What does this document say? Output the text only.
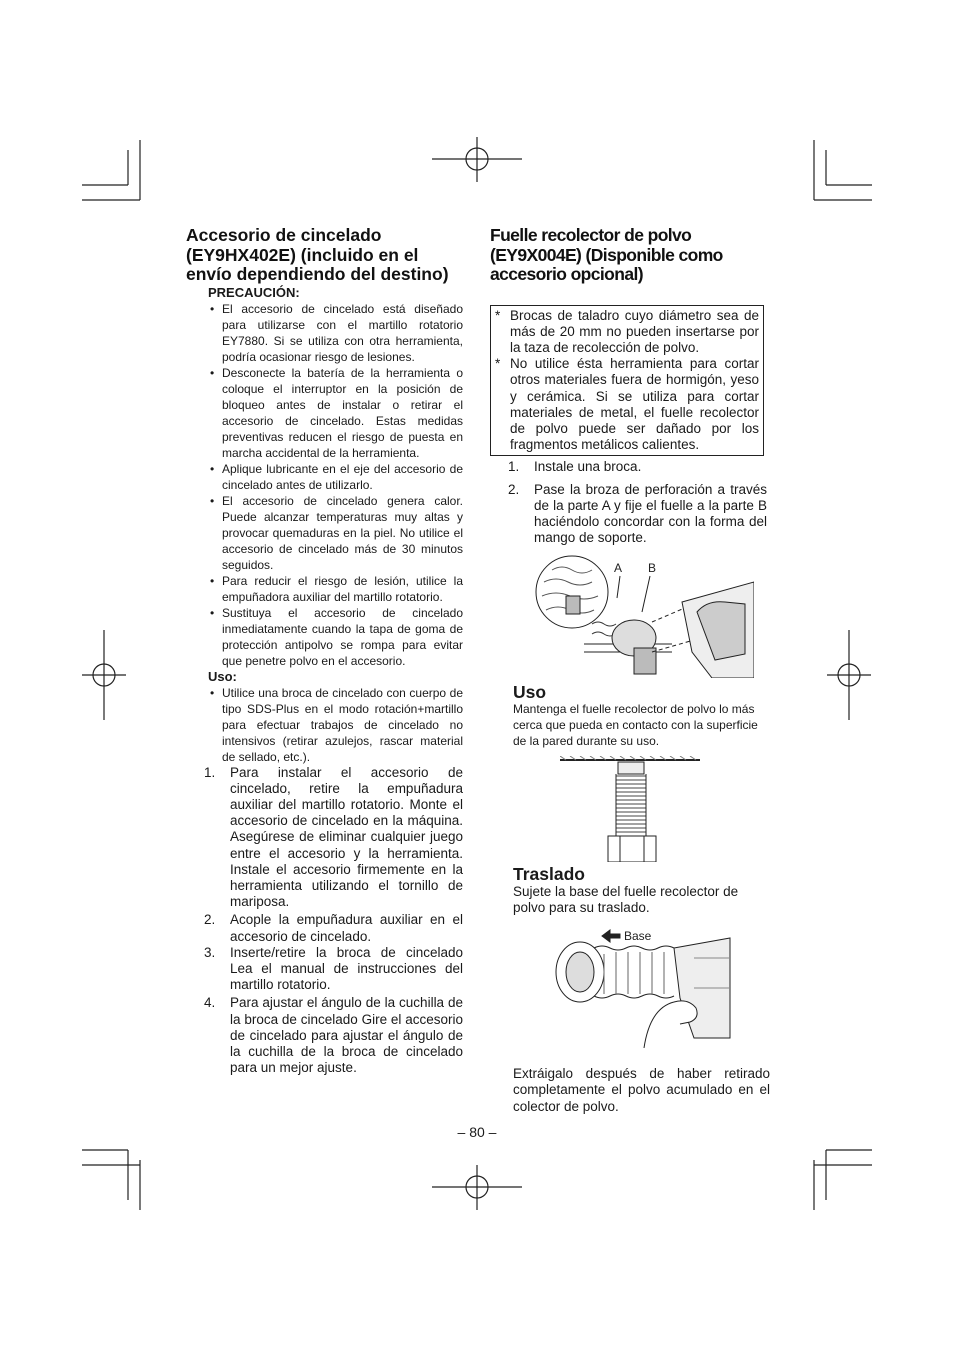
Accesorio de cincelado
(EY9HX402E) (incluido en el
envío dependiendo del destino)

PRECAUCIÓN:

• El accesorio de cincelado está diseñado para utilizarse con el martillo rotatorio EY7880. Si se utiliza con otra herramienta, podría ocasionar riesgo de lesiones.
• Desconecte la batería de la herramienta o coloque el interruptor en la posición de bloqueo antes de instalar o retirar el accesorio de cincelado. Estas medidas preventivas reducen el riesgo de puesta en marcha accidental de la herramienta.
• Aplique lubricante en el eje del accesorio de cincelado antes de utilizarlo.
• El accesorio de cincelado genera calor. Puede alcanzar temperaturas muy altas y provocar quemaduras en la piel. No utilice el accesorio de cincelado más de 30 minutos seguidos.
• Para reducir el riesgo de lesión, utilice la empuñadora auxiliar del martillo rotatorio.
• Sustituya el accesorio de cincelado inmediatamente cuando la tapa de goma de protección antipolvo se rompa para evitar que penetre polvo en el accesorio.

Uso:

• Utilice una broca de cincelado con cuerpo de tipo SDS-Plus en el modo rotación+martillo para efectuar trabajos de cincelado no intensivos (retirar azulejos, rascar material de sellado, etc.).
1. Para instalar el accesorio de cincelado, retire la empuñadura auxiliar del martillo rotatorio. Monte el accesorio de cincelado en la máquina. Asegúrese de eliminar cualquier juego entre el accesorio y la herramienta. Instale el accesorio firmemente en la herramienta utilizando el tornillo de mariposa.
2. Acople la empuñadura auxiliar en el accesorio de cincelado.
3. Inserte/retire la broca de cincelado Lea el manual de instrucciones del martillo rotatorio.
4. Para ajustar el ángulo de la cuchilla de la broca de cincelado Gire el accesorio de cincelado para ajustar el ángulo de la cuchilla de la broca de cincelado para un mejor ajuste.
Fuelle recolector de polvo
(EY9X004E) (Disponible como
accesorio opcional)
* Brocas de taladro cuyo diámetro sea de más de 20 mm no pueden insertarse por la taza de recolección de polvo.
* No utilice ésta herramienta para cortar otros materiales fuera de hormigón, yeso y cerámica. Si se utiliza para cortar materiales de metal, el fuelle recolector de polvo puede ser dañado por los fragmentos metálicos calientes.
1. Instale una broca.
2. Pase la broza de perforación a través de la parte A y fije el fuelle a la parte B haciéndolo concordar con la forma del mango de soporte.
A B
Uso

Mantenga el fuelle recolector de polvo lo más cerca que pueda en contacto con la superficie de la pared durante su uso.

Traslado

Sujete la base del fuelle recolector de polvo para su traslado.

Base

Extráigalo después de haber retirado completamente el polvo acumulado en el colector de polvo.

– 80 –
